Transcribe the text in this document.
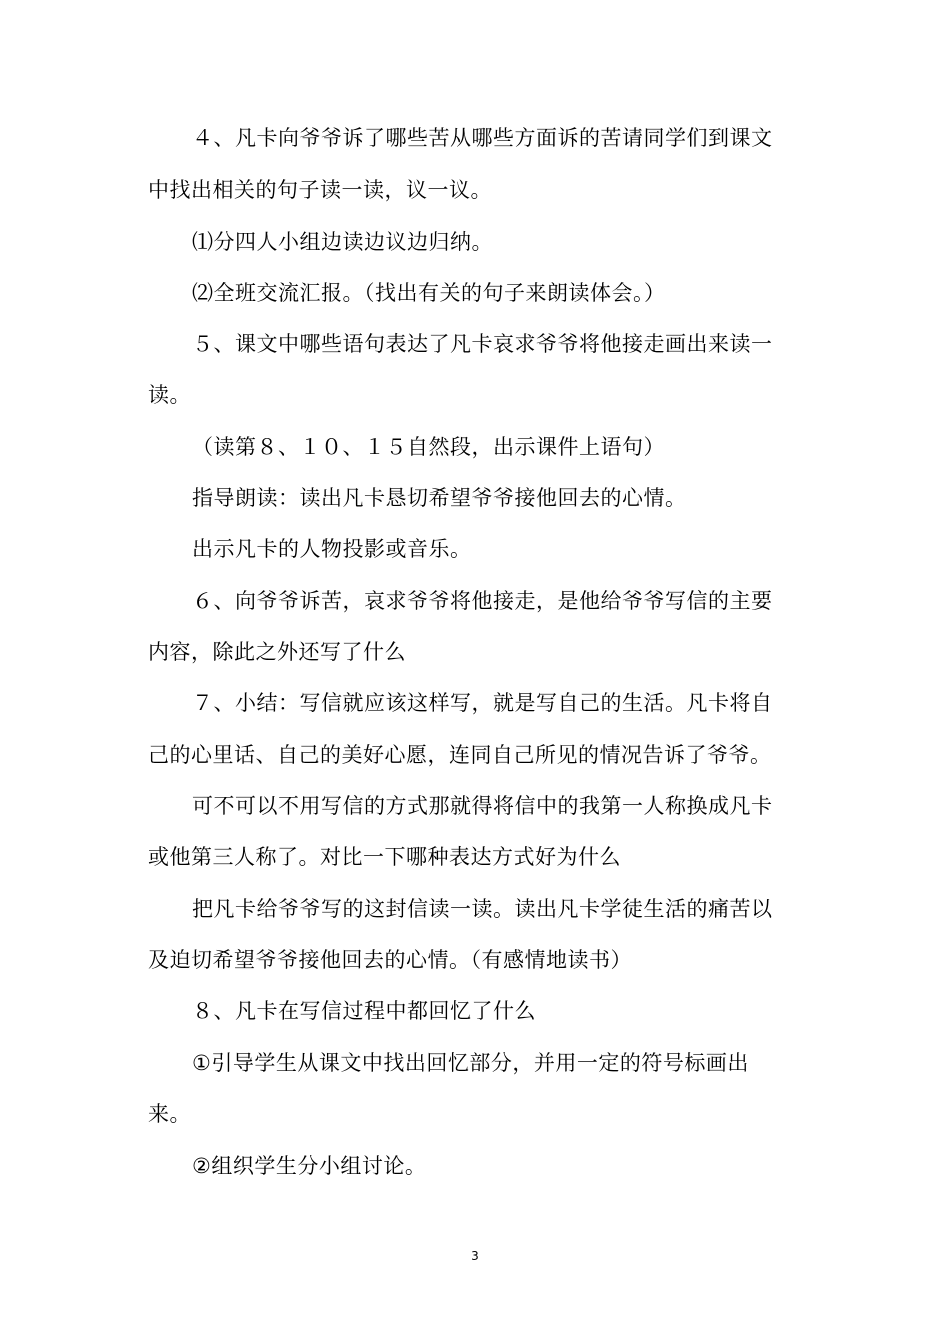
４、凡卡向爷爷诉了哪些苦从哪些方面诉的苦请同学们到课文
中找出相关的句子读一读，议一议。
⑴分四人小组边读边议边归纳。
⑵全班交流汇报。（找出有关的句子来朗读体会。）
５、课文中哪些语句表达了凡卡哀求爷爷将他接走画出来读一
读。
（读第８、１０、１５自然段，出示课件上语句）
指导朗读：读出凡卡恳切希望爷爷接他回去的心情。
出示凡卡的人物投影或音乐。
６、向爷爷诉苦，哀求爷爷将他接走，是他给爷爷写信的主要
内容，除此之外还写了什么
７、小结：写信就应该这样写，就是写自己的生活。凡卡将自
己的心里话、自己的美好心愿，连同自己所见的情况告诉了爷爷。
可不可以不用写信的方式那就得将信中的我第一人称换成凡卡
或他第三人称了。对比一下哪种表达方式好为什么
把凡卡给爷爷写的这封信读一读。读出凡卡学徒生活的痛苦以
及迫切希望爷爷接他回去的心情。（有感情地读书）
８、凡卡在写信过程中都回忆了什么
①引导学生从课文中找出回忆部分，并用一定的符号标画出
来。
②组织学生分小组讨论。
3
